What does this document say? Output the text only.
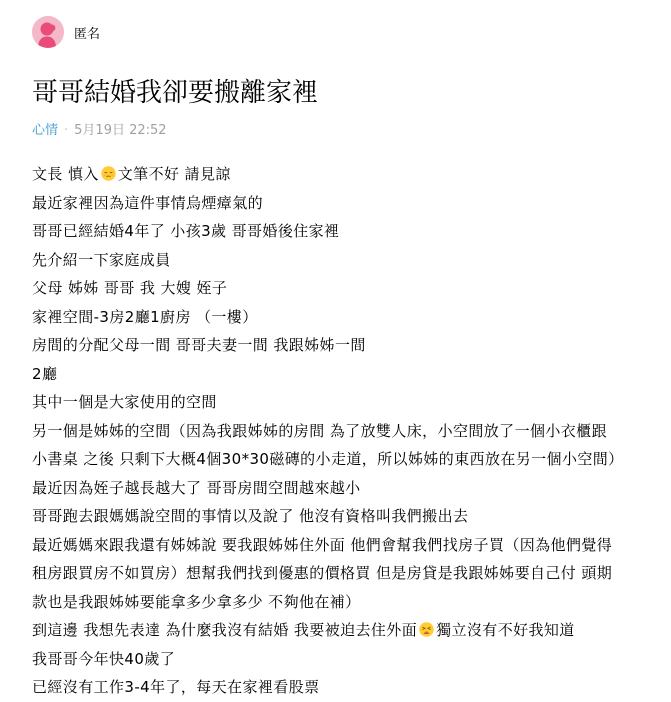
匿名
哥哥結婚我卻要搬離家裡
心情 · 5月19日 22:52
文長 慎入 文筆不好 請見諒
最近家裡因為這件事情烏煙瘴氣的
哥哥已經結婚4年了 小孩3歲 哥哥婚後住家裡
先介紹一下家庭成員
父母 姊姊 哥哥 我 大嫂 姪子
家裡空間-3房2廳1廚房 （一樓）
房間的分配父母一間 哥哥夫妻一間 我跟姊姊一間
2廳
其中一個是大家使用的空間
另一個是姊姊的空間（因為我跟姊姊的房間 為了放雙人床，小空間放了一個小衣櫃跟
小書桌 之後 只剩下大概4個30*30磁磚的小走道，所以姊姊的東西放在另一個小空間）
最近因為姪子越長越大了 哥哥房間空間越來越小
哥哥跑去跟媽媽說空間的事情以及說了 他沒有資格叫我們搬出去
最近媽媽來跟我還有姊姊說 要我跟姊姊住外面 他們會幫我們找房子買（因為他們覺得
租房跟買房不如買房）想幫我們找到優惠的價格買 但是房貸是我跟姊姊要自己付 頭期
款也是我跟姊姊要能拿多少拿多少 不夠他在補）
到這邊 我想先表達 為什麼我沒有結婚 我要被迫去住外面 獨立沒有不好我知道
我哥哥今年快40歲了
已經沒有工作3-4年了，每天在家裡看股票
